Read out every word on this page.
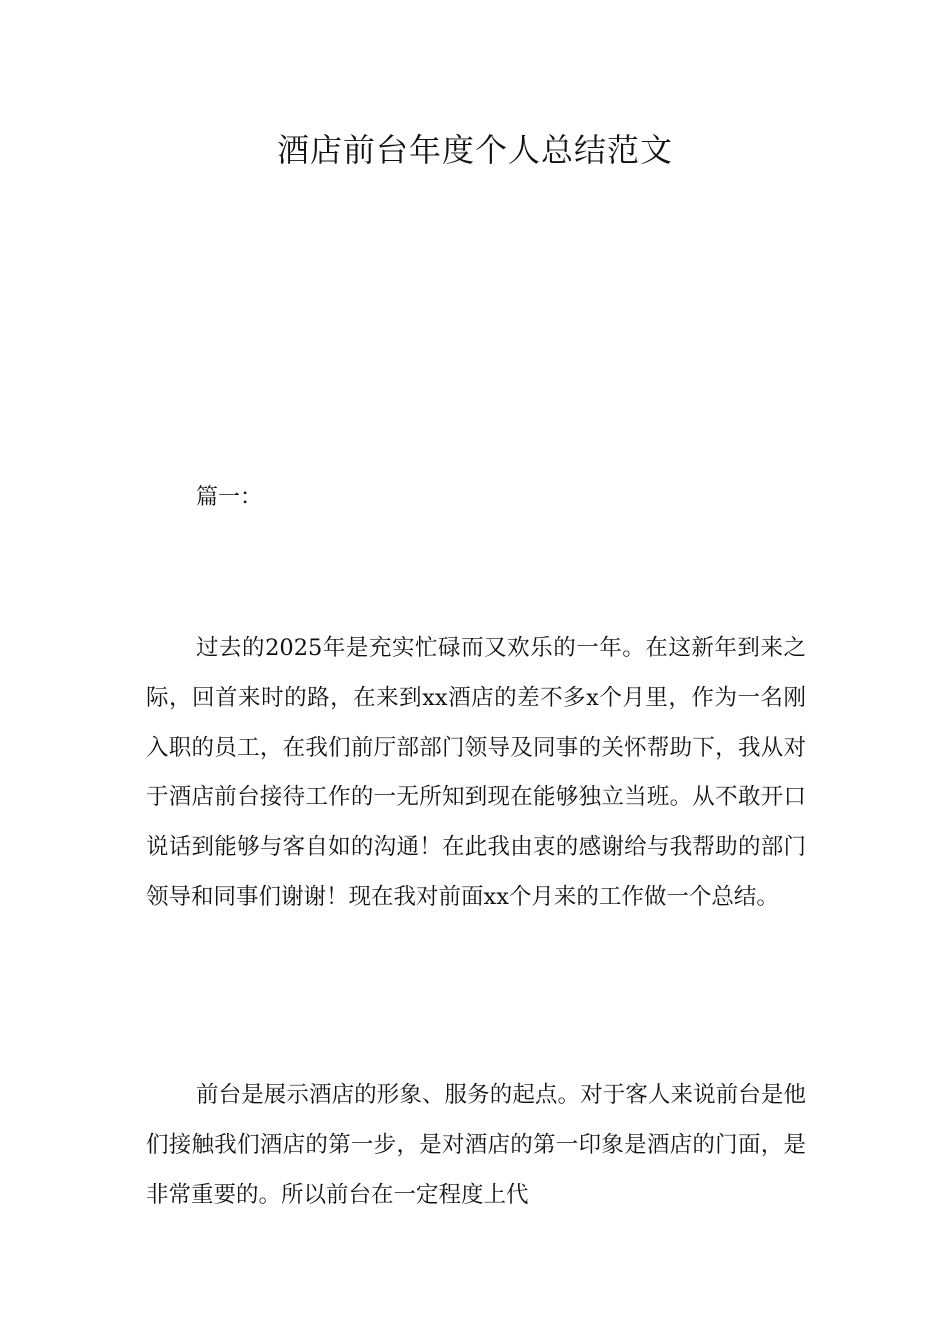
酒店前台年度个人总结范文

篇一：

过去的2025年是充实忙碌而又欢乐的一年。在这新年到来之际，回首来时的路，在来到xx酒店的差不多x个月里，作为一名刚入职的员工，在我们前厅部部门领导及同事的关怀帮助下，我从对于酒店前台接待工作的一无所知到现在能够独立当班。从不敢开口说话到能够与客自如的沟通！在此我由衷的感谢给与我帮助的部门领导和同事们谢谢！现在我对前面xx个月来的工作做一个总结。

前台是展示酒店的形象、服务的起点。对于客人来说前台是他们接触我们酒店的第一步，是对酒店的第一印象是酒店的门面，是非常重要的。所以前台在一定程度上代
